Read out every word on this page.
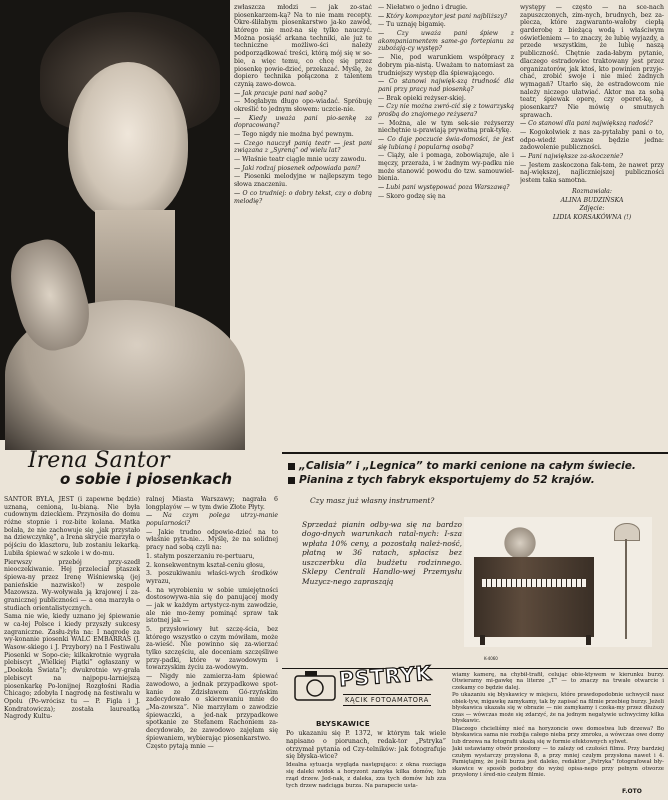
Irena Santor
o sobie i piosenkach

zwłaszcza młodzi — jak zo-stać piosenkarzem-ką? Na to nie mam recepty. Okre-śliłabym piosenkarstwo ja-ko zawód, którego nie moż-na się tylko nauczyć. Można posiąść arkana techniki, ale już te techniczne możliwo-ści należy podporządkować treści, którą mój się w so-bie, a więc temu, co chcę się przez piosenkę powie-dzieć, przekazać. Myślę, że dopiero technika połączona z talentem czynią zawo-dowca.

— Jak pracuje pani nad sobą?

— Mogłabym długo opo-wiadać. Spróbuję określić to jednym słowem: uczcie-nie.

— Kiedy uważa pani pio-senkę za dopracowaną?

— Tego nigdy nie można być pewnym.

— Czego nauczył panią teatr — jest pani związana z „Syreną” od wielu lat?

— Właśnie teatr ciągle mnie uczy zawodu.

— Jaki rodzaj piosenek odpowiada pani?

— Piosenki melodyjne w najlepszym tego słowa znaczeniu.

— O co trudniej: o dobry tekst, czy o dobrą melodię?

— Niełatwo o jedno i drugie.

— Który kompozytor jest pani najbliższy?

— Tu uznaję bigamię.

— Czy uważa pani śpiew z akompaniamentem same-go fortepianu za zubożają-cy występ?

— Nie, pod warunkiem współpracy z dobrym pia-nistą. Uważam to natomiast za trudniejszy występ dla śpiewającego.

— Co stanowi najwięk-szą trudność dla pani przy pracy nad piosenką?

— Brak opieki reżyser-skiej.

— Czy nie można zwró-cić się z towarzyską prośbą do znajomego reżysera?

— Można, ale w tym sek-sie reżyserzy niechętnie u-prawiają prywatną prak-tykę.

— Co daje poczucie świa-domości, że jest się lubianą i popularną osobą?

— Ciąży, ale i pomaga, zobowiązuje, ale i męczy, przeraża, i w żadnym wy-padku nie może stanowić powodu do tzw. samouwiel-bienia.

— Lubi pani występować poza Warszawą?

— Skoro godzę się na

występy — często — na sce-nach zapuszczonych, zim-nych, brudnych, bez za-plecza, które zagwaranto-wałoby ciepłą garderobę z bieżącą wodą i właściwym oświetleniem — to znaczy, że lubię wyjazdy, a przede wszystkim, że lubię naszą publiczność. Chętnie zada-łabym pytanie, dlaczego estradowiec traktowany jest przez organizatorów, jak ktoś, kto powinien przyje-chać, zrobić swoje i nie mieć żadnych wymagań? Utarło się, że estradowcom nie należy niczego ułatwiać. Aktor ma za sobą teatr, śpiewak operę, czy operet-kę, a piosenkarz? Nie mówię o smutnych sprawach.

— Co stanowi dla pani największą radość?

— Kogokolwiek z nas za-pytałaby pani o to, odpo-wiedź zawsze będzie jedna: zadowolenie publiczności.

— Pani największe za-skoczenie?

— Jestem zaskoczona fak-tem, że nawet przy naj-większej, najliczniejszej publiczności jestem taka samotna.

Rozmawiała:

ALINA BUDZIŃSKA

Zdjęcie:

LIDIA KORSAKÓWNA (!)

SANTOR BYŁA, JEST (i zapewne będzie) uznaną, cenioną, lu-bianą. Nie była cudownym dzieckiem. Przynosiła do domu różne stopnie i roz-bite kolana. Matka bolała, że nie zachowuje się „jak przystało na dziewczynkę”, a Irena skrycie marzyła o pójściu do klasztoru, lub zostaniu lekarką. Lubiła śpiewać w szkole i w do-mu.

Pierwszy przebój przy-szedł nieoczekiwanie. Hej przeleciał ptaszek śpiewa-ny przez Irenę Wiśniewską (jej panieńskie nazwisko!) w zespole Mazowsza. Wy-woływała ją krajowej i za-granicznej publiczności — a ona marzyła o studiach orientalistycznych.

Sama nie wie, kiedy uznano jej śpiewanie w ca-łej Polsce i kiedy przyszły sukcesy zagraniczne. Zasłu-żyła na: I nagrodę za wy-konanie piosenki WALC EMBARRAS (J. Wasow-skiego i J. Przybory) na I Festiwalu Piosenki w Sopo-cie; kilkakrotnie wygrała plebiscyt „Wielkiej Piątki” ogłaszany w „Dookoła Świata”); dwukrotnie wy-grała plebiscyt na najpopu-larniejszą piosenkarkę Po-lonijnej Rozgłośni Radia Chicago; zdobyła I nagrodę na festiwalu w Opolu (Po-wrócisz tu — P. Figla i J. Kondratowicza); została laureatką Nagrody Kultu-

ralnej Miasta Warszawy; nagrała 6 longplayów — w tym dwie Złote Płyty.

— Na czym polega utrzy-manie popularności?

— Jakie trudno odpowie-dzieć na to właśnie pyta-nie... Myślę, że na solidnej pracy nad sobą czyli na:

1. stałym poszerzaniu re-pertuaru,

2. konsekwentnym kształ-ceniu głosu,

3. poszukiwaniu właści-wych środków wyrazu,

4. na wyrobieniu w sobie umiejętności dostosowywa-nia się do panującej mody — jak w każdym artystycz-nym zawodzie, ale nie mo-żemy pominąć spraw tak istotnej jak —

5. przysłowiowy łut szczę-ścia, bez którego wszystko o czym mówiłam, może za-wieść. Nie powinno się za-wierzać tylko szczęściu, ale doceniam szczęśliwe przy-padki, które w zawodowym i towarzyskim życiu za-wodowym.

— Nigdy nie zamierza-łam śpiewać zawodowo, a jednak przypadkowe spot-kanie ze Zdzisławem Gó-rzyńskim zadecydowało o skierowaniu mnie do „Ma-zowsza”. Nie marzyłam o zawodzie śpiewaczki, a jed-nak przypadkowe spotkanie ze Stefanem Rachoniem za-decydowało, że zawodowo zajęłam się śpiewaniem, wybierając piosenkarstwo.

Często pytają mnie —

„Calisia” i „Legnica” to marki cenione na całym świecie.
Pianina z tych fabryk eksportujemy do 52 krajów.
Czy masz już własny instrument?
Sprzedaż pianin odby-wa się na bardzo dogo-dnych warunkach ratal-nych: I-sza wpłata 10% ceny, a pozostałą należ-ność, płatną w 36 ratach, spłacisz bez uszczerbku dla budżetu rodzinnego. Sklepy Centrali Handlo-wej Przemysłu Muzycz-nego zapraszają
K-4060
PSTRYK
KĄCIK FOTOAMATORA
BŁYSKAWICE

Po ukazaniu się P. 1372, w którym tak wiele napisano o piorunach, redak-tor „Pstryka” otrzymał pytania od Czy-telników: jak fotografuje się błyska-wice?

Idealna sytuacja wygląda następująco: z okna rozciąga się daleki widok a horyzont zamyka kilka domów, lub rząd drzew. Jed-nak, z daleka, zza tych domów lub zza tych drzew nadciąga burza. Na parapecie usta-

wiamy kamerę, na chybił-trafił, celując obie-ktywem w kierunku burzy. Otwieramy mi-gawkę na literze „T” — to znaczy na trwałe otwarcie i czekamy co będzie dalej.

Po ukazaniu się błyskawicy w miejscu, które prawdopodobnie uchwycił nasz obiek-tyw, migawkę zamykamy, tak by zapisać na filmie przebieg burzy. Jeżeli błyskawica ukazała się w obrazie — nie zamykamy i czeka-my przez dłuższy czas — wówczas może się zdarzyć, że na jednym negatywie uchwycimy kilka błyskawic.

Dlaczego chcieliśmy nieć na horyzoncie owe domostwa lub drzewa? Bo błyskawica sama nie rozbija całego nieba przy zmroku, a wówczas owe domy lub drzewa na fotografii ukażą się w formie efektownych sylwet.

Jaki ustawiamy otwór przesłony — to zależy od czułości filmu. Przy bardziej czułym wystarczy przysłona 8, a przy mniej czułym przysłona nawet i 4. Pamiętajmy, że jeśli burza jest daleko, redaktor „Pstryka” fotografował bły-skawice w sposób podobny do wyżej opisa-nego przy pełnym otworze przysłony i śred-nio czułym filmie.

F.OTO
